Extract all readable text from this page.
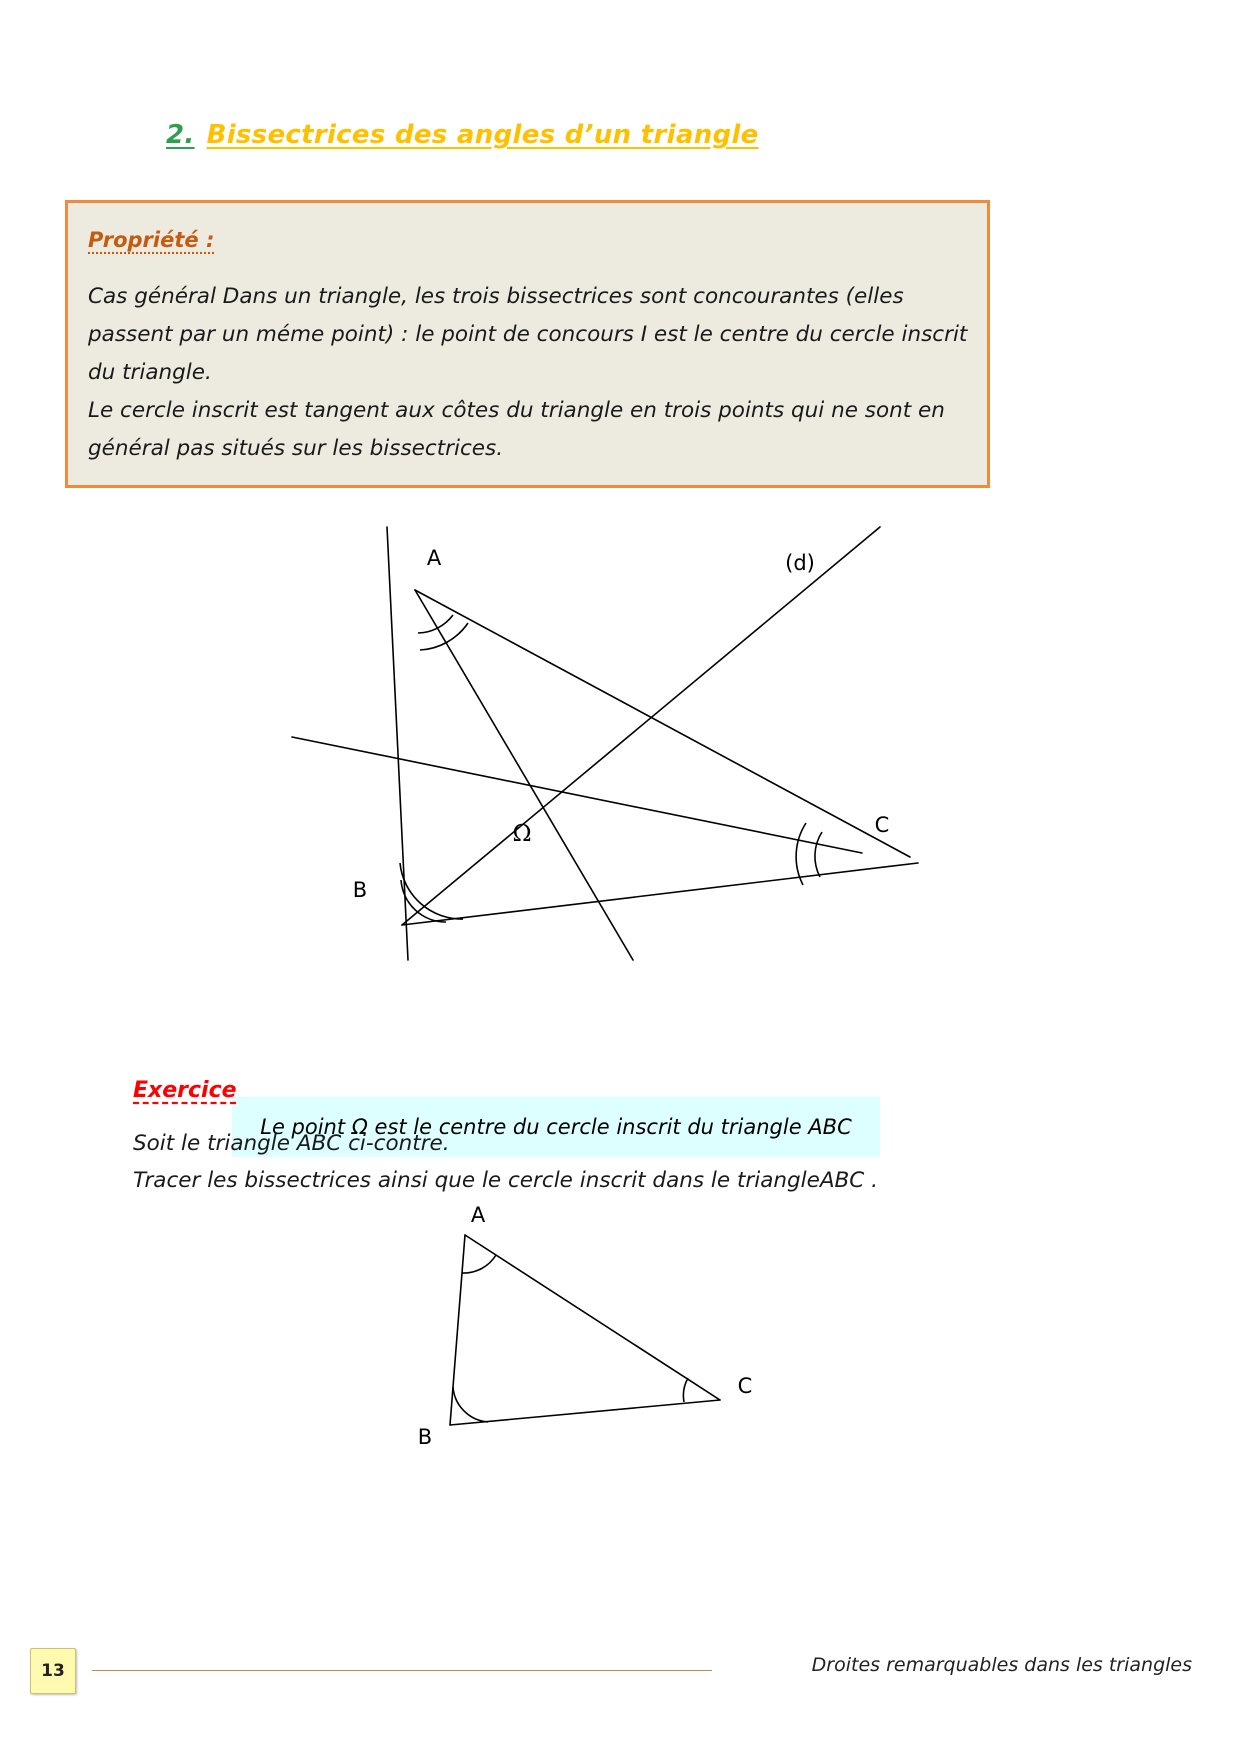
2. Bissectrices des angles d’un triangle
Propriété :

Cas général Dans un triangle, les trois bissectrices sont concourantes (elles passent par un méme point) : le point de concours I est le centre du cercle inscrit du triangle.

Le cercle inscrit est tangent aux côtes du triangle en trois points qui ne sont en général pas situés sur les bissectrices.

A
B
C
Ω
(d)
Le point Ω est le centre du cercle inscrit du triangle ABC
Exercice

Soit le triangle ABC ci-contre.

Tracer les bissectrices ainsi que le cercle inscrit dans le triangleABC .

A
B
C
13	Droites remarquables dans les triangles
